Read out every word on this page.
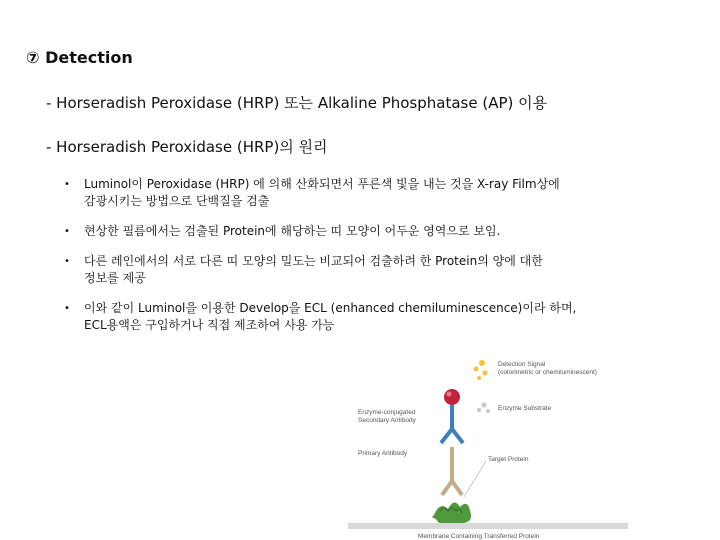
⑦ Detection
- Horseradish Peroxidase (HRP) 또는 Alkaline Phosphatase (AP) 이용
- Horseradish Peroxidase (HRP)의 원리
• Luminol이 Peroxidase (HRP) 에 의해 산화되면서 푸른색 빛을 내는 것을 X-ray Film상에
감광시키는 방법으로 단백질을 검출
• 현상한 필름에서는 검출된 Protein에 해당하는 띠 모양이 어두운 영역으로 보임.
• 다른 레인에서의 서로 다른 띠 모양의 밀도는 비교되어 검출하려 한 Protein의 양에 대한
정보를 제공
• 이와 같이 Luminol을 이용한 Develop을 ECL (enhanced chemiluminescence)이라 하며,
ECL용액은 구입하거나 직접 제조하여 사용 가능
Detection Signal
(colorimetric or chemiluminescent)
Enzyme Substrate
Enzyme-conjugated
Secondary Antibody
Primary Antibody
Target Protein
Membrane Containing Transferred Protein
